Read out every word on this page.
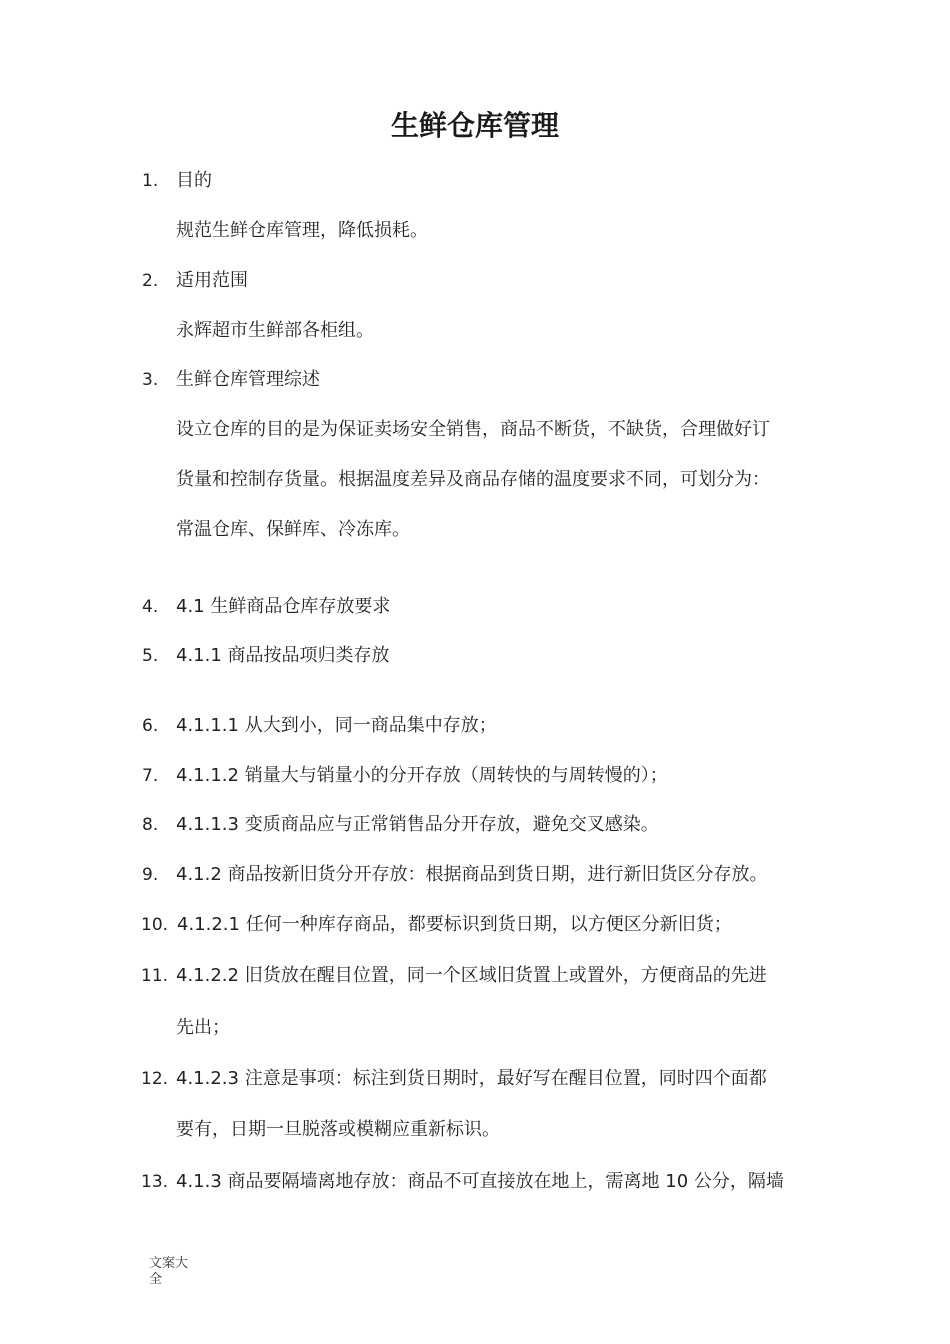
生鲜仓库管理
1. 目的
规范生鲜仓库管理，降低损耗。
2. 适用范围
永辉超市生鲜部各柜组。
3. 生鲜仓库管理综述
设立仓库的目的是为保证卖场安全销售，商品不断货，不缺货，合理做好订
货量和控制存货量。根据温度差异及商品存储的温度要求不同，可划分为：
常温仓库、保鲜库、冷冻库。
4. 4.1 生鲜商品仓库存放要求
5. 4.1.1 商品按品项归类存放
6. 4.1.1.1 从大到小，同一商品集中存放；
7. 4.1.1.2 销量大与销量小的分开存放（周转快的与周转慢的）；
8. 4.1.1.3 变质商品应与正常销售品分开存放，避免交叉感染。
9. 4.1.2 商品按新旧货分开存放：根据商品到货日期，进行新旧货区分存放。
10. 4.1.2.1 任何一种库存商品，都要标识到货日期，以方便区分新旧货；
11. 4.1.2.2 旧货放在醒目位置，同一个区域旧货置上或置外，方便商品的先进
先出；
12. 4.1.2.3 注意是事项：标注到货日期时，最好写在醒目位置，同时四个面都
要有，日期一旦脱落或模糊应重新标识。
13. 4.1.3 商品要隔墙离地存放：商品不可直接放在地上，需离地 10 公分，隔墙
文案大全
